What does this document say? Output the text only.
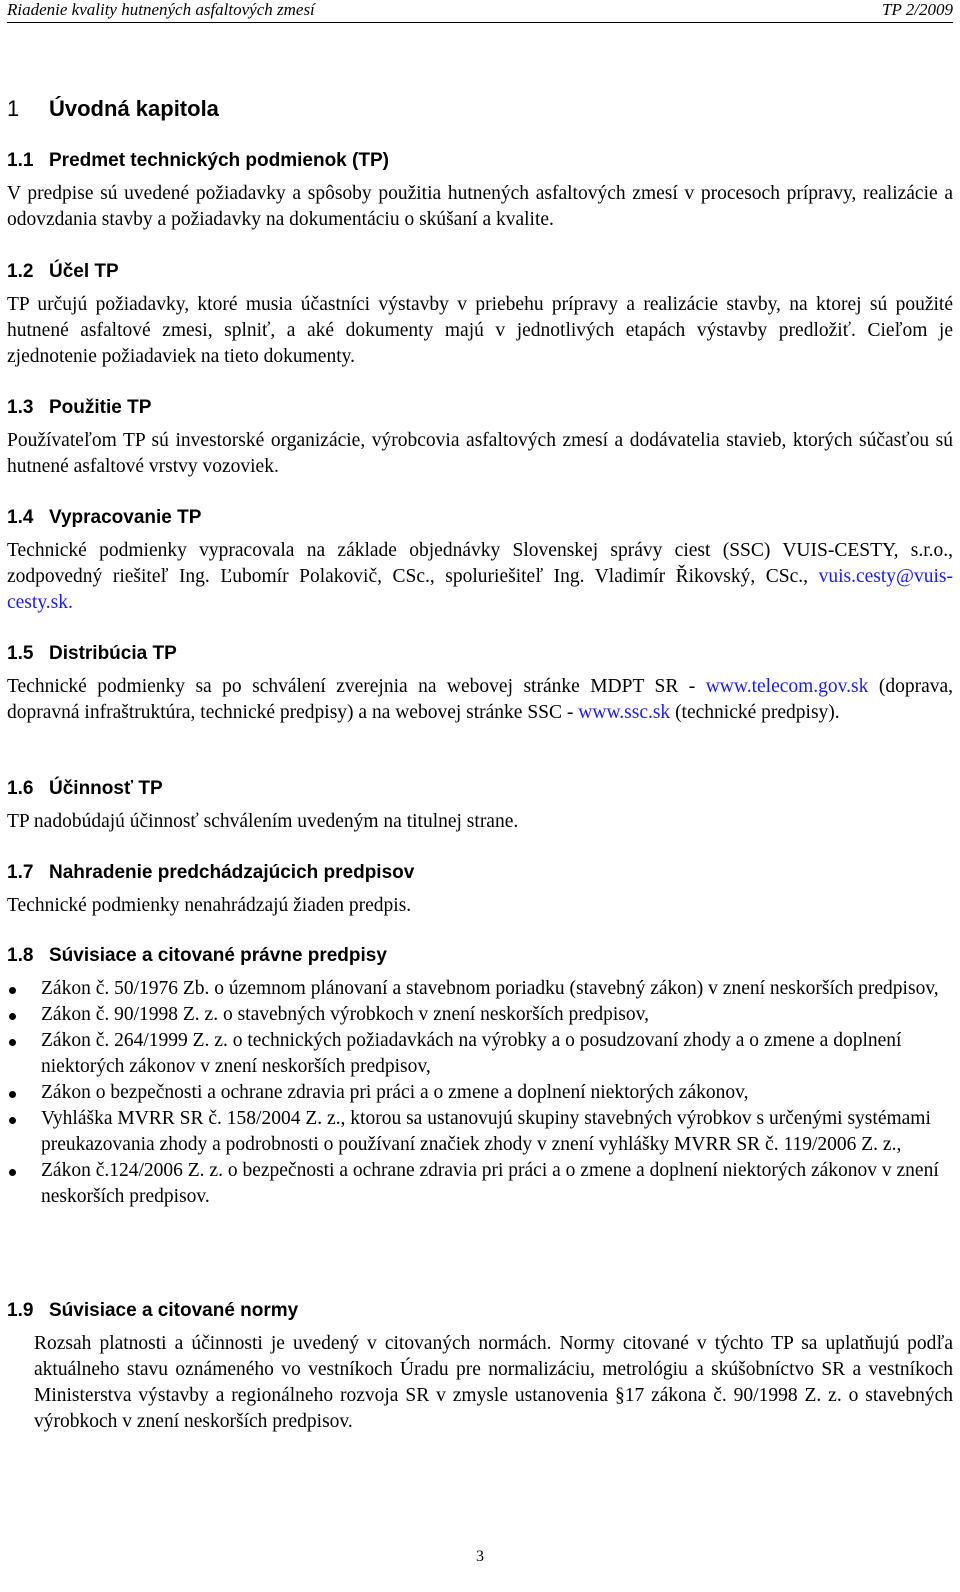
Riadenie kvality hutnených asfaltových zmesí	TP 2/2009
1 Úvodná kapitola
1.1 Predmet technických podmienok (TP)
V predpise sú uvedené požiadavky a spôsoby použitia hutnených asfaltových zmesí v procesoch prípravy, realizácie a odovzdania stavby a požiadavky na dokumentáciu o skúšaní a kvalite.
1.2 Účel TP
TP určujú požiadavky, ktoré musia účastníci výstavby v priebehu prípravy a realizácie stavby, na ktorej sú použité hutnené asfaltové zmesi, splniť, a aké dokumenty majú v jednotlivých etapách výstavby predložiť. Cieľom je zjednotenie požiadaviek na tieto dokumenty.
1.3 Použitie TP
Používateľom TP sú investorské organizácie, výrobcovia asfaltových zmesí a dodávatelia stavieb, ktorých súčasťou sú hutnené asfaltové vrstvy vozoviek.
1.4 Vypracovanie TP
Technické podmienky vypracovala na základe objednávky Slovenskej správy ciest (SSC) VUIS-CESTY, s.r.o., zodpovedný riešiteľ Ing. Ľubomír Polakovič, CSc., spoluriešiteľ Ing. Vladimír Řikovský, CSc., vuis.cesty@vuis-cesty.sk.
1.5 Distribúcia TP
Technické podmienky sa po schválení zverejnia na webovej stránke MDPT SR - www.telecom.gov.sk (doprava, dopravná infraštruktúra, technické predpisy) a na webovej stránke SSC - www.ssc.sk (technické predpisy).
1.6 Účinnosť TP
TP nadobúdajú účinnosť schválením uvedeným na titulnej strane.
1.7 Nahradenie predchádzajúcich predpisov
Technické podmienky nenahrádzajú žiaden predpis.
1.8 Súvisiace a citované právne predpisy
Zákon č. 50/1976 Zb. o územnom plánovaní a stavebnom poriadku (stavebný zákon) v znení neskorších predpisov,
Zákon č. 90/1998 Z. z. o stavebných výrobkoch v znení neskorších predpisov,
Zákon č. 264/1999 Z. z. o technických požiadavkách na výrobky a o posudzovaní zhody a o zmene a doplnení niektorých zákonov v znení neskorších predpisov,
Zákon o bezpečnosti a ochrane zdravia pri práci a o zmene a doplnení niektorých zákonov,
Vyhláška MVRR SR č. 158/2004 Z. z., ktorou sa ustanovujú skupiny stavebných výrobkov s určenými systémami preukazovania zhody a podrobnosti o používaní značiek zhody v znení vyhlášky MVRR SR č. 119/2006 Z. z.,
Zákon č.124/2006 Z. z. o bezpečnosti a ochrane zdravia pri práci a o zmene a doplnení niektorých zákonov v znení neskorších predpisov.
1.9 Súvisiace a citované normy
Rozsah platnosti a účinnosti je uvedený v citovaných normách. Normy citované v týchto TP sa uplatňujú podľa aktuálneho stavu oznámeného vo vestníkoch Úradu pre normalizáciu, metrológiu a skúšobníctvo SR a vestníkoch Ministerstva výstavby a regionálneho rozvoja SR v zmysle ustanovenia §17 zákona č. 90/1998 Z. z. o stavebných výrobkoch v znení neskorších predpisov.
3
